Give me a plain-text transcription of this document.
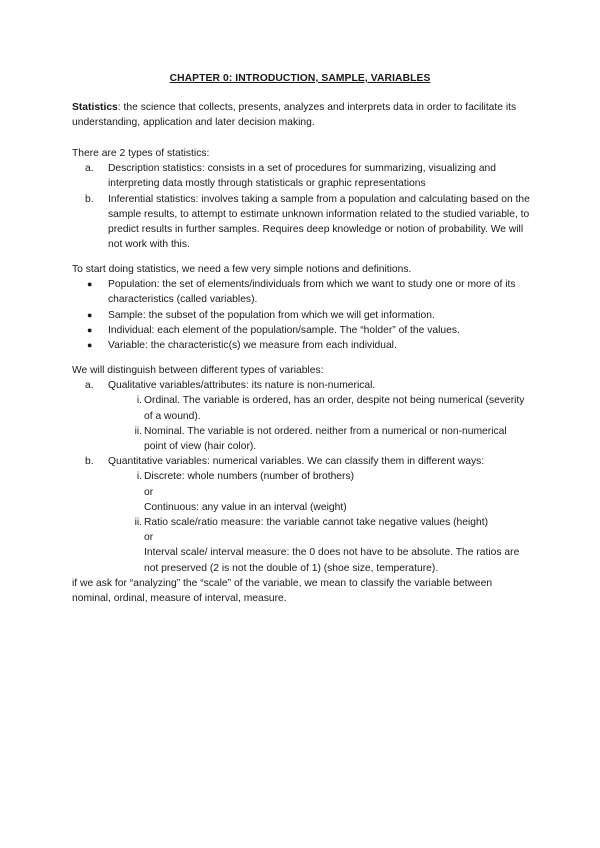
CHAPTER 0: INTRODUCTION, SAMPLE, VARIABLES
Statistics: the science that collects, presents, analyzes and interprets data in order to facilitate its understanding, application and later decision making.
There are 2 types of statistics:
a.	Description statistics: consists in a set of procedures for summarizing, visualizing and interpreting data mostly through statisticals or graphic representations
b.	Inferential statistics: involves taking a sample from a population and calculating based on the sample results, to attempt to estimate unknown information related to the studied variable, to predict results in further samples. Requires deep knowledge or notion of probability. We will not work with this.
To start doing statistics, we need a few very simple notions and definitions.
●	Population: the set of elements/individuals from which we want to study one or more of its characteristics (called variables).
●	Sample: the subset of the population from which we will get information.
●	Individual: each element of the population/sample. The “holder” of the values.
●	Variable: the characteristic(s) we measure from each individual.
We will distinguish between different types of variables:
a.	Qualitative variables/attributes: its nature is non-numerical.
i. Ordinal. The variable is ordered, has an order, despite not being numerical (severity of a wound).
ii. Nominal. The variable is not ordered. neither from a numerical or non-numerical point of view (hair color).
b.	Quantitative variables: numerical variables. We can classify them in different ways:
i. Discrete: whole numbers (number of brothers)
or
Continuous: any value in an interval (weight)
ii. Ratio scale/ratio measure: the variable cannot take negative values (height)
or
Interval scale/ interval measure: the 0 does not have to be absolute. The ratios are not preserved (2 is not the double of 1) (shoe size, temperature).
if we ask for “analyzing” the “scale” of the variable, we mean to classify the variable between nominal, ordinal, measure of interval, measure.
